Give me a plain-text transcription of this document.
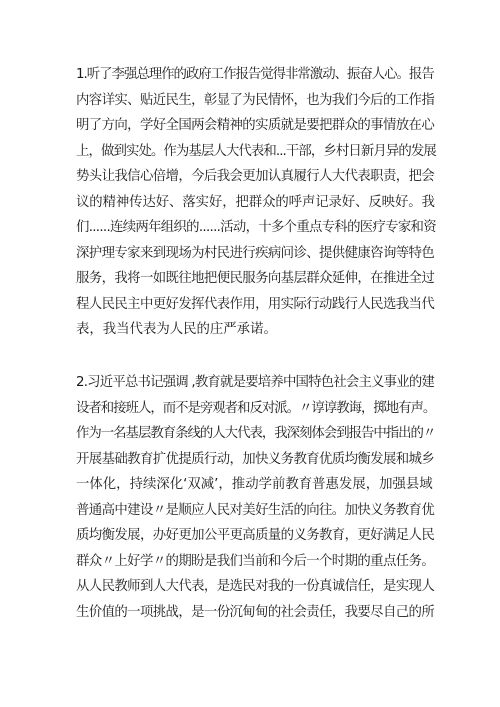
1.听了李强总理作的政府工作报告觉得非常激动、振奋人心。报告
内容详实、贴近民生，彰显了为民情怀，也为我们今后的工作指
明了方向，学好全国两会精神的实质就是要把群众的事情放在心
上，做到实处。作为基层人大代表和...干部，乡村日新月异的发展
势头让我信心倍增，今后我会更加认真履行人大代表职责，把会
议的精神传达好、落实好，把群众的呼声记录好、反映好。我
们......连续两年组织的......活动，十多个重点专科的医疗专家和资
深护理专家来到现场为村民进行疾病问诊、提供健康咨询等特色
服务，我将一如既往地把便民服务向基层群众延伸，在推进全过
程人民民主中更好发挥代表作用，用实际行动践行人民选我当代
表，我当代表为人民的庄严承诺。
2.习近平总书记强调 ,教育就是要培养中国特色社会主义事业的建
设者和接班人，而不是旁观者和反对派。〃谆谆教诲，掷地有声。
作为一名基层教育条线的人大代表，我深刻体会到报告中指出的〃
开展基础教育扩优提质行动，加快义务教育优质均衡发展和城乡
一体化，持续深化‘双减’，推动学前教育普惠发展，加强县域
普通高中建设〃是顺应人民对美好生活的向往。加快义务教育优
质均衡发展，办好更加公平更高质量的义务教育，更好满足人民
群众〃上好学〃的期盼是我们当前和今后一个时期的重点任务。
从人民教师到人大代表，是选民对我的一份真诚信任，是实现人
生价值的一项挑战，是一份沉甸甸的社会责任，我要尽自己的所
